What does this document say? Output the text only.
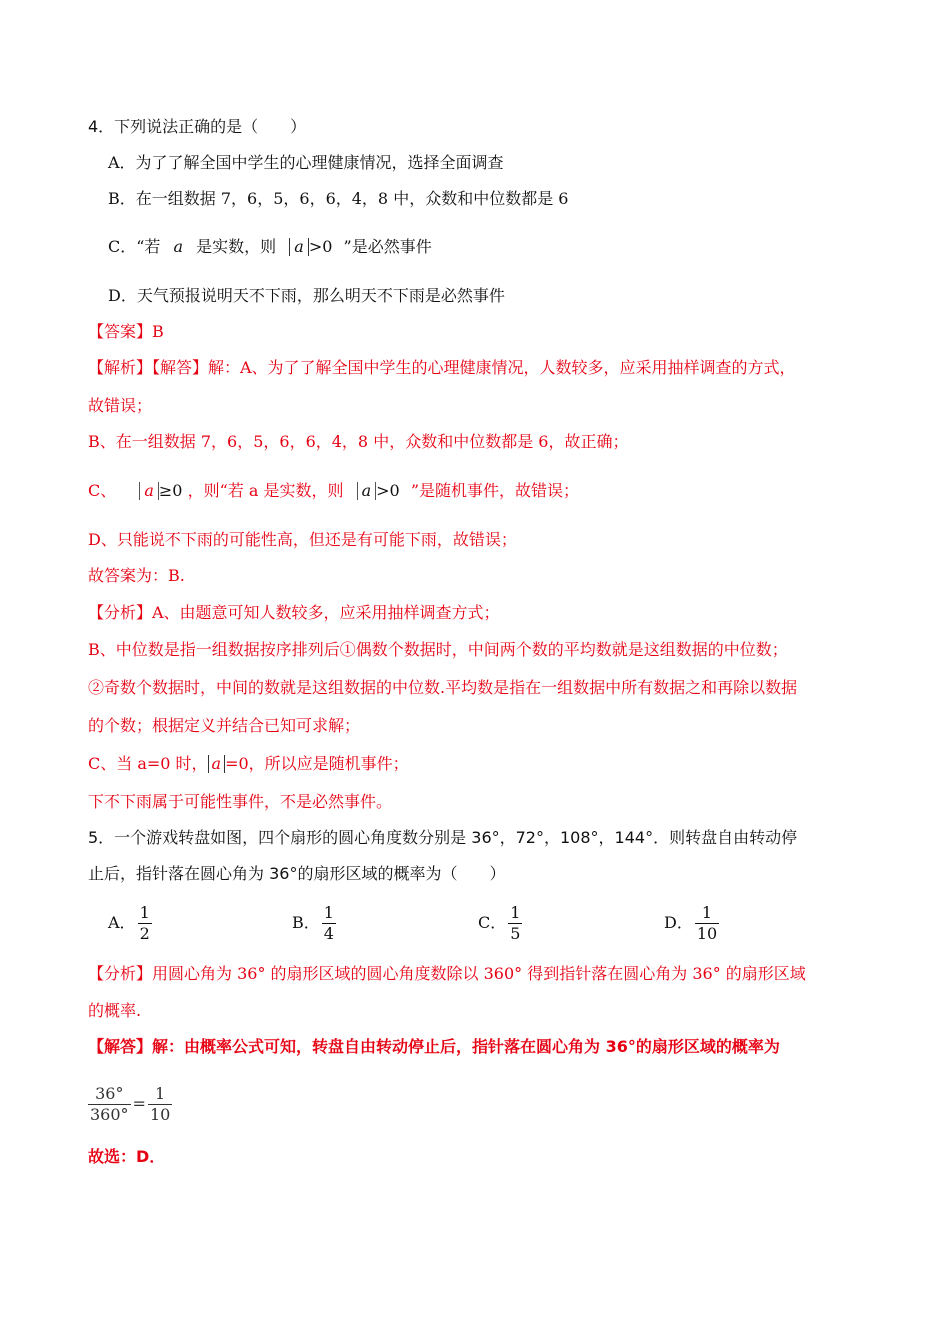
4．下列说法正确的是（　　）
A．为了了解全国中学生的心理健康情况，选择全面调查
B．在一组数据 7，6，5，6，6，4，8 中，众数和中位数都是 6
C．“若 a 是实数，则 a >0 ”是必然事件
D．天气预报说明天不下雨，那么明天不下雨是必然事件
【答案】B
【解析】【解答】解：A、为了了解全国中学生的心理健康情况，人数较多，应采用抽样调查的方式，
故错误；
B、在一组数据 7，6，5，6，6，4，8 中，众数和中位数都是 6，故正确；
C、 a ≥0 ，则“若 a 是实数，则 a >0 ”是随机事件，故错误；
D、只能说不下雨的可能性高，但还是有可能下雨，故错误；
故答案为：B.
【分析】A、由题意可知人数较多，应采用抽样调查方式；
B、中位数是指一组数据按序排列后①偶数个数据时，中间两个数的平均数就是这组数据的中位数；
②奇数个数据时，中间的数就是这组数据的中位数.平均数是指在一组数据中所有数据之和再除以数据
的个数；根据定义并结合已知可求解；
C、当 a=0 时， a =0，所以应是随机事件；
下不下雨属于可能性事件，不是必然事件。
5．一个游戏转盘如图，四个扇形的圆心角度数分别是 36°，72°，108°，144°．则转盘自由转动停
止后，指针落在圆心角为 36°的扇形区域的概率为（　　）
A． $\frac{1}{2}$	B． $\frac{1}{4}$	C． $\frac{1}{5}$	D． $\frac{1}{10}$
【分析】用圆心角为 36° 的扇形区域的圆心角度数除以 360° 得到指针落在圆心角为 36° 的扇形区域
的概率.
【解答】解：由概率公式可知，转盘自由转动停止后，指针落在圆心角为 36°的扇形区域的概率为
$\frac{36^\circ}{360^\circ} = \frac{1}{10}$
故选：D．
